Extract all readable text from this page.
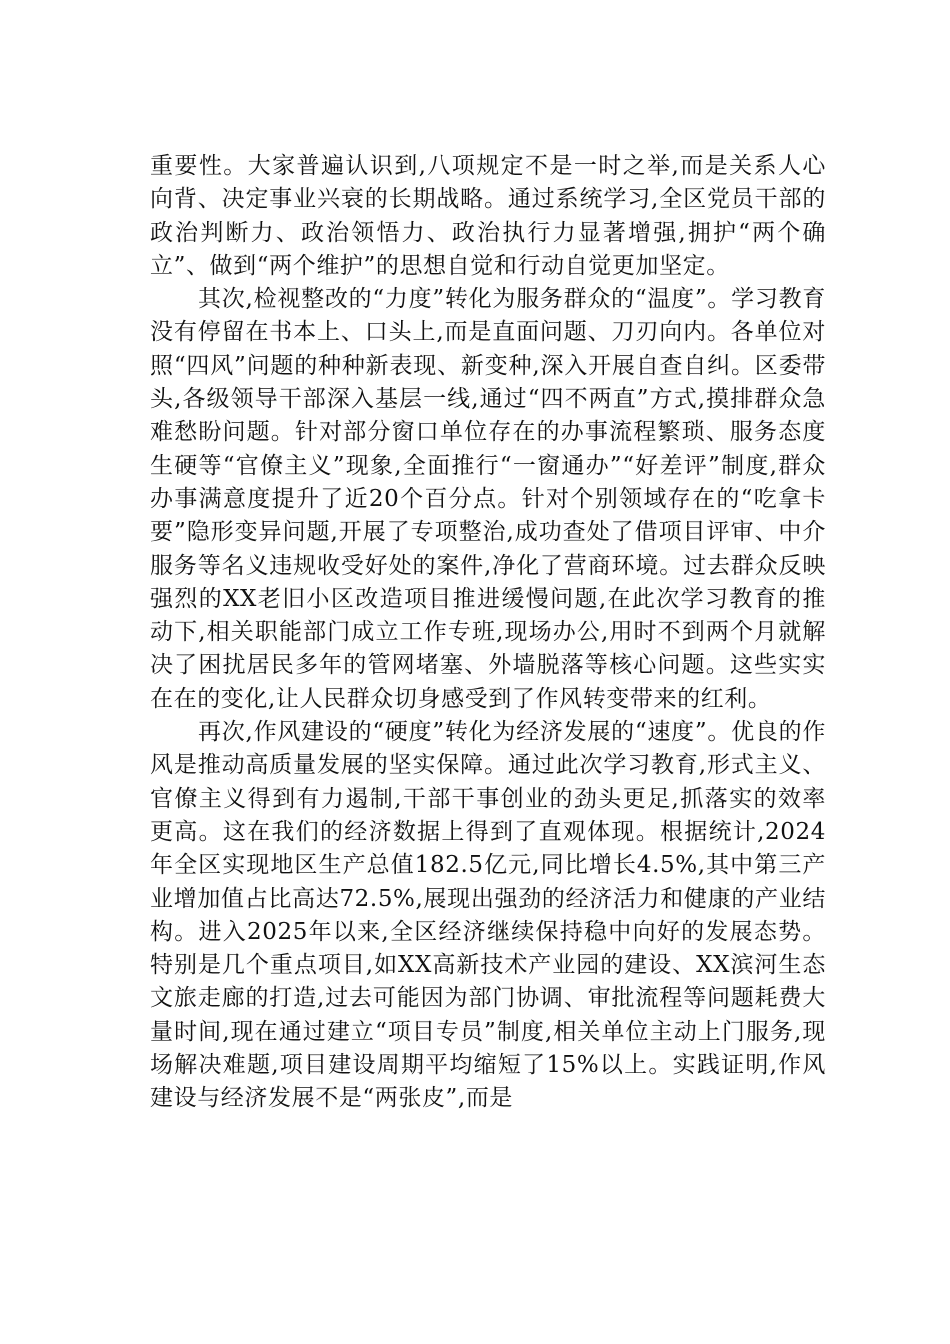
重要性。大家普遍认识到,八项规定不是一时之举,而是关系人心向背、决定事业兴衰的长期战略。通过系统学习,全区党员干部的政治判断力、政治领悟力、政治执行力显著增强,拥护“两个确立”、做到“两个维护”的思想自觉和行动自觉更加坚定。

其次,检视整改的“力度”转化为服务群众的“温度”。学习教育没有停留在书本上、口头上,而是直面问题、刀刃向内。各单位对照“四风”问题的种种新表现、新变种,深入开展自查自纠。区委带头,各级领导干部深入基层一线,通过“四不两直”方式,摸排群众急难愁盼问题。针对部分窗口单位存在的办事流程繁琐、服务态度生硬等“官僚主义”现象,全面推行“一窗通办”“好差评”制度,群众办事满意度提升了近20个百分点。针对个别领域存在的“吃拿卡要”隐形变异问题,开展了专项整治,成功查处了借项目评审、中介服务等名义违规收受好处的案件,净化了营商环境。过去群众反映强烈的XX老旧小区改造项目推进缓慢问题,在此次学习教育的推动下,相关职能部门成立工作专班,现场办公,用时不到两个月就解决了困扰居民多年的管网堵塞、外墙脱落等核心问题。这些实实在在的变化,让人民群众切身感受到了作风转变带来的红利。

再次,作风建设的“硬度”转化为经济发展的“速度”。优良的作风是推动高质量发展的坚实保障。通过此次学习教育,形式主义、官僚主义得到有力遏制,干部干事创业的劲头更足,抓落实的效率更高。这在我们的经济数据上得到了直观体现。根据统计,2024年全区实现地区生产总值182.5亿元,同比增长4.5%,其中第三产业增加值占比高达72.5%,展现出强劲的经济活力和健康的产业结构。进入2025年以来,全区经济继续保持稳中向好的发展态势。特别是几个重点项目,如XX高新技术产业园的建设、XX滨河生态文旅走廊的打造,过去可能因为部门协调、审批流程等问题耗费大量时间,现在通过建立“项目专员”制度,相关单位主动上门服务,现场解决难题,项目建设周期平均缩短了15%以上。实践证明,作风建设与经济发展不是“两张皮”,而是
